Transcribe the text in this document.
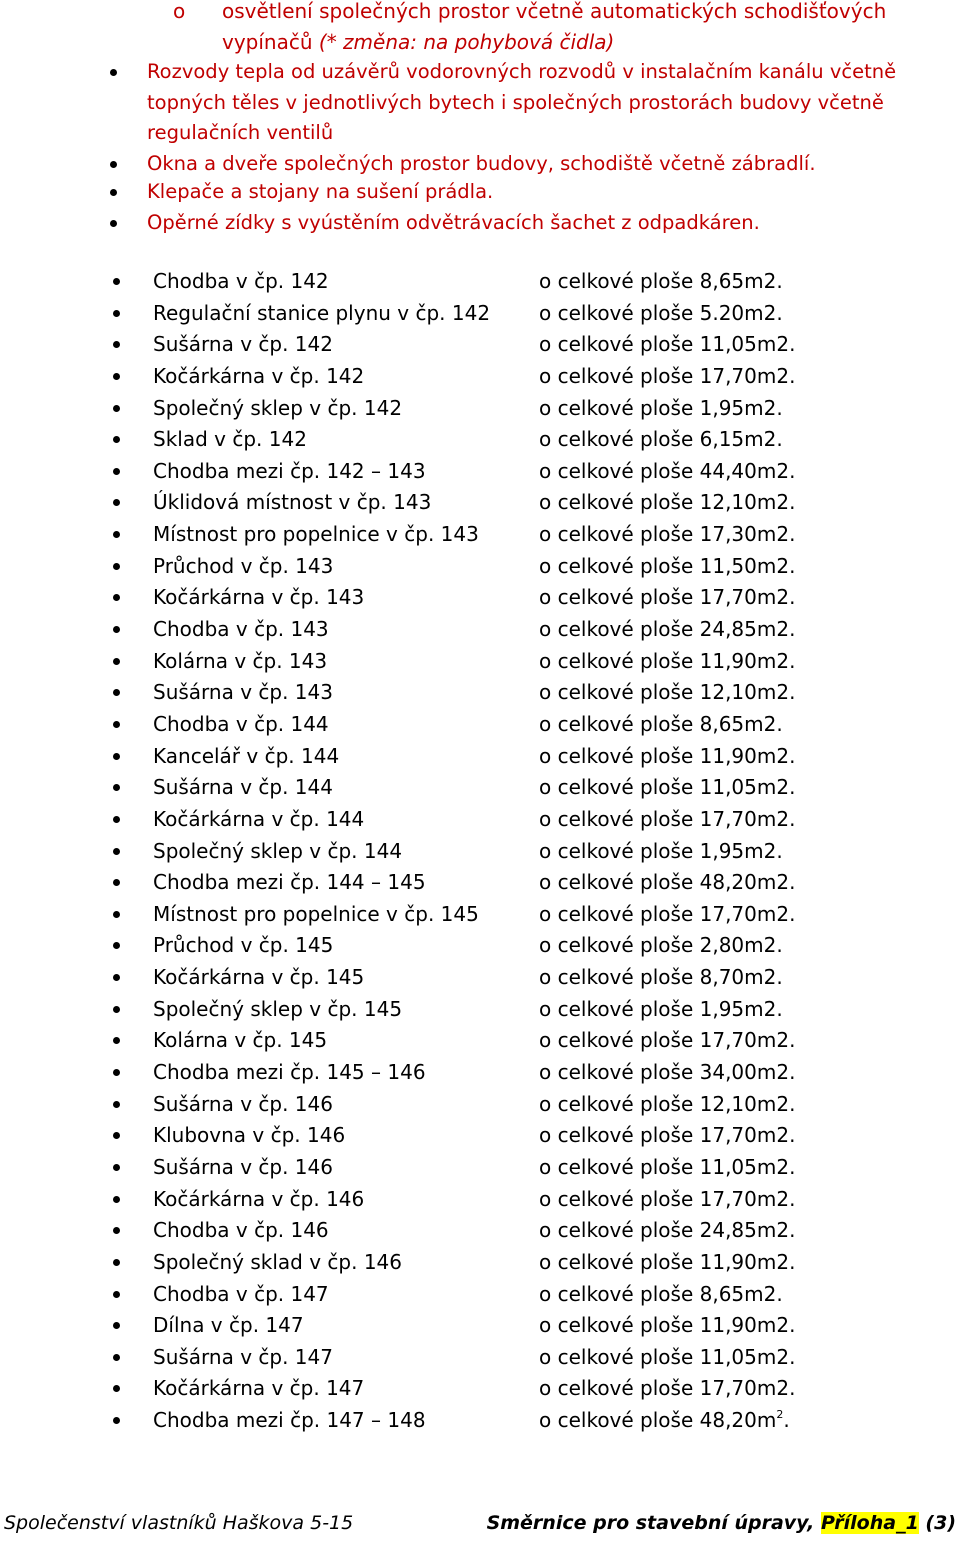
o	osvětlení společných prostor včetně automatických schodišťových vypínačů (* změna: na pohybová čidla)
Rozvody tepla od uzávěrů vodorovných rozvodů v instalačním kanálu včetně topných těles v jednotlivých bytech i společných prostorách budovy včetně regulačních ventilů
Okna a dveře společných prostor budovy, schodiště včetně zábradlí.
Klepače a stojany na sušení prádla.
Opěrné zídky s vyústěním odvětrávacích šachet z odpadkáren.
Chodba v čp. 142	o celkové ploše 8,65m2.
Regulační stanice plynu v čp. 142 o celkové ploše 5.20m2.
Sušárna v čp. 142	o celkové ploše 11,05m2.
Kočárkárna v čp. 142	o celkové ploše 17,70m2.
Společný sklep v čp. 142	o celkové ploše 1,95m2.
Sklad v čp. 142	o celkové ploše 6,15m2.
Chodba mezi čp. 142 – 143	o celkové ploše 44,40m2.
Úklidová místnost v čp. 143	o celkové ploše 12,10m2.
Místnost pro popelnice v čp. 143	o celkové ploše 17,30m2.
Průchod v čp. 143	o celkové ploše 11,50m2.
Kočárkárna v čp. 143	o celkové ploše 17,70m2.
Chodba v čp. 143	o celkové ploše 24,85m2.
Kolárna v čp. 143	o celkové ploše 11,90m2.
Sušárna v čp. 143	o celkové ploše 12,10m2.
Chodba v čp. 144	o celkové ploše 8,65m2.
Kancelář v čp. 144	o celkové ploše 11,90m2.
Sušárna v čp. 144	o celkové ploše 11,05m2.
Kočárkárna v čp. 144	o celkové ploše 17,70m2.
Společný sklep v čp. 144	o celkové ploše 1,95m2.
Chodba mezi čp. 144 – 145	o celkové ploše 48,20m2.
Místnost pro popelnice v čp. 145	o celkové ploše 17,70m2.
Průchod v čp. 145	o celkové ploše 2,80m2.
Kočárkárna v čp. 145	o celkové ploše 8,70m2.
Společný sklep v čp. 145	o celkové ploše 1,95m2.
Kolárna v čp. 145	o celkové ploše 17,70m2.
Chodba mezi čp. 145 – 146	o celkové ploše 34,00m2.
Sušárna v čp. 146	o celkové ploše 12,10m2.
Klubovna v čp. 146	o celkové ploše 17,70m2.
Sušárna v čp. 146	o celkové ploše 11,05m2.
Kočárkárna v čp. 146	o celkové ploše 17,70m2.
Chodba v čp. 146	o celkové ploše 24,85m2.
Společný sklad v čp. 146	o celkové ploše 11,90m2.
Chodba v čp. 147	o celkové ploše 8,65m2.
Dílna v čp. 147	o celkové ploše 11,90m2.
Sušárna v čp. 147	o celkové ploše 11,05m2.
Kočárkárna v čp. 147	o celkové ploše 17,70m2.
Chodba mezi čp. 147 – 148	o celkové ploše $48,20m^2$.
Společenství vlastníků Haškova 5-15	Směrnice pro stavební úpravy, Příloha_1 (3)
